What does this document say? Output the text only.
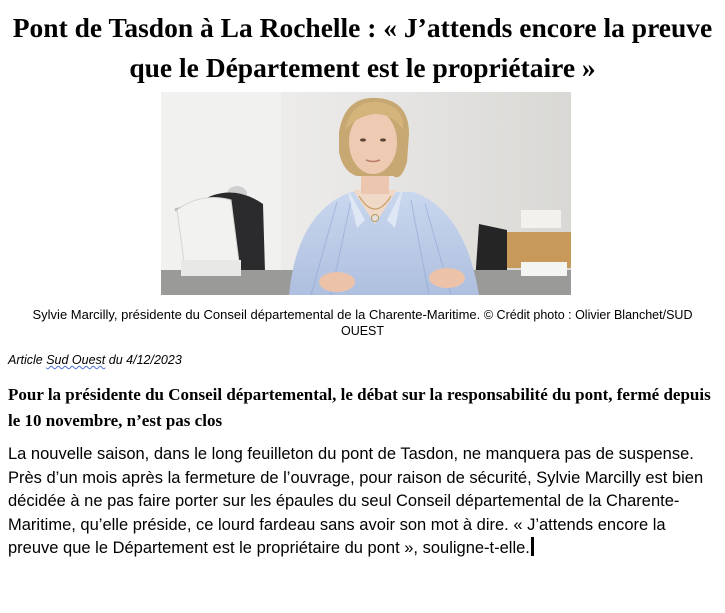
Pont de Tasdon à La Rochelle : « J’attends encore la preuve que le Département est le propriétaire »
Sylvie Marcilly, présidente du Conseil départemental de la Charente-Maritime. © Crédit photo : Olivier Blanchet/SUD OUEST
Article Sud Ouest du 4/12/2023

Pour la présidente du Conseil départemental, le débat sur la responsabilité du pont, fermé depuis le 10 novembre, n’est pas clos

La nouvelle saison, dans le long feuilleton du pont de Tasdon, ne manquera pas de suspense. Près d’un mois après la fermeture de l’ouvrage, pour raison de sécurité, Sylvie Marcilly est bien décidée à ne pas faire porter sur les épaules du seul Conseil départemental de la Charente-Maritime, qu’elle préside, ce lourd fardeau sans avoir son mot à dire. « J’attends encore la preuve que le Département est le propriétaire du pont », souligne-t-elle.
